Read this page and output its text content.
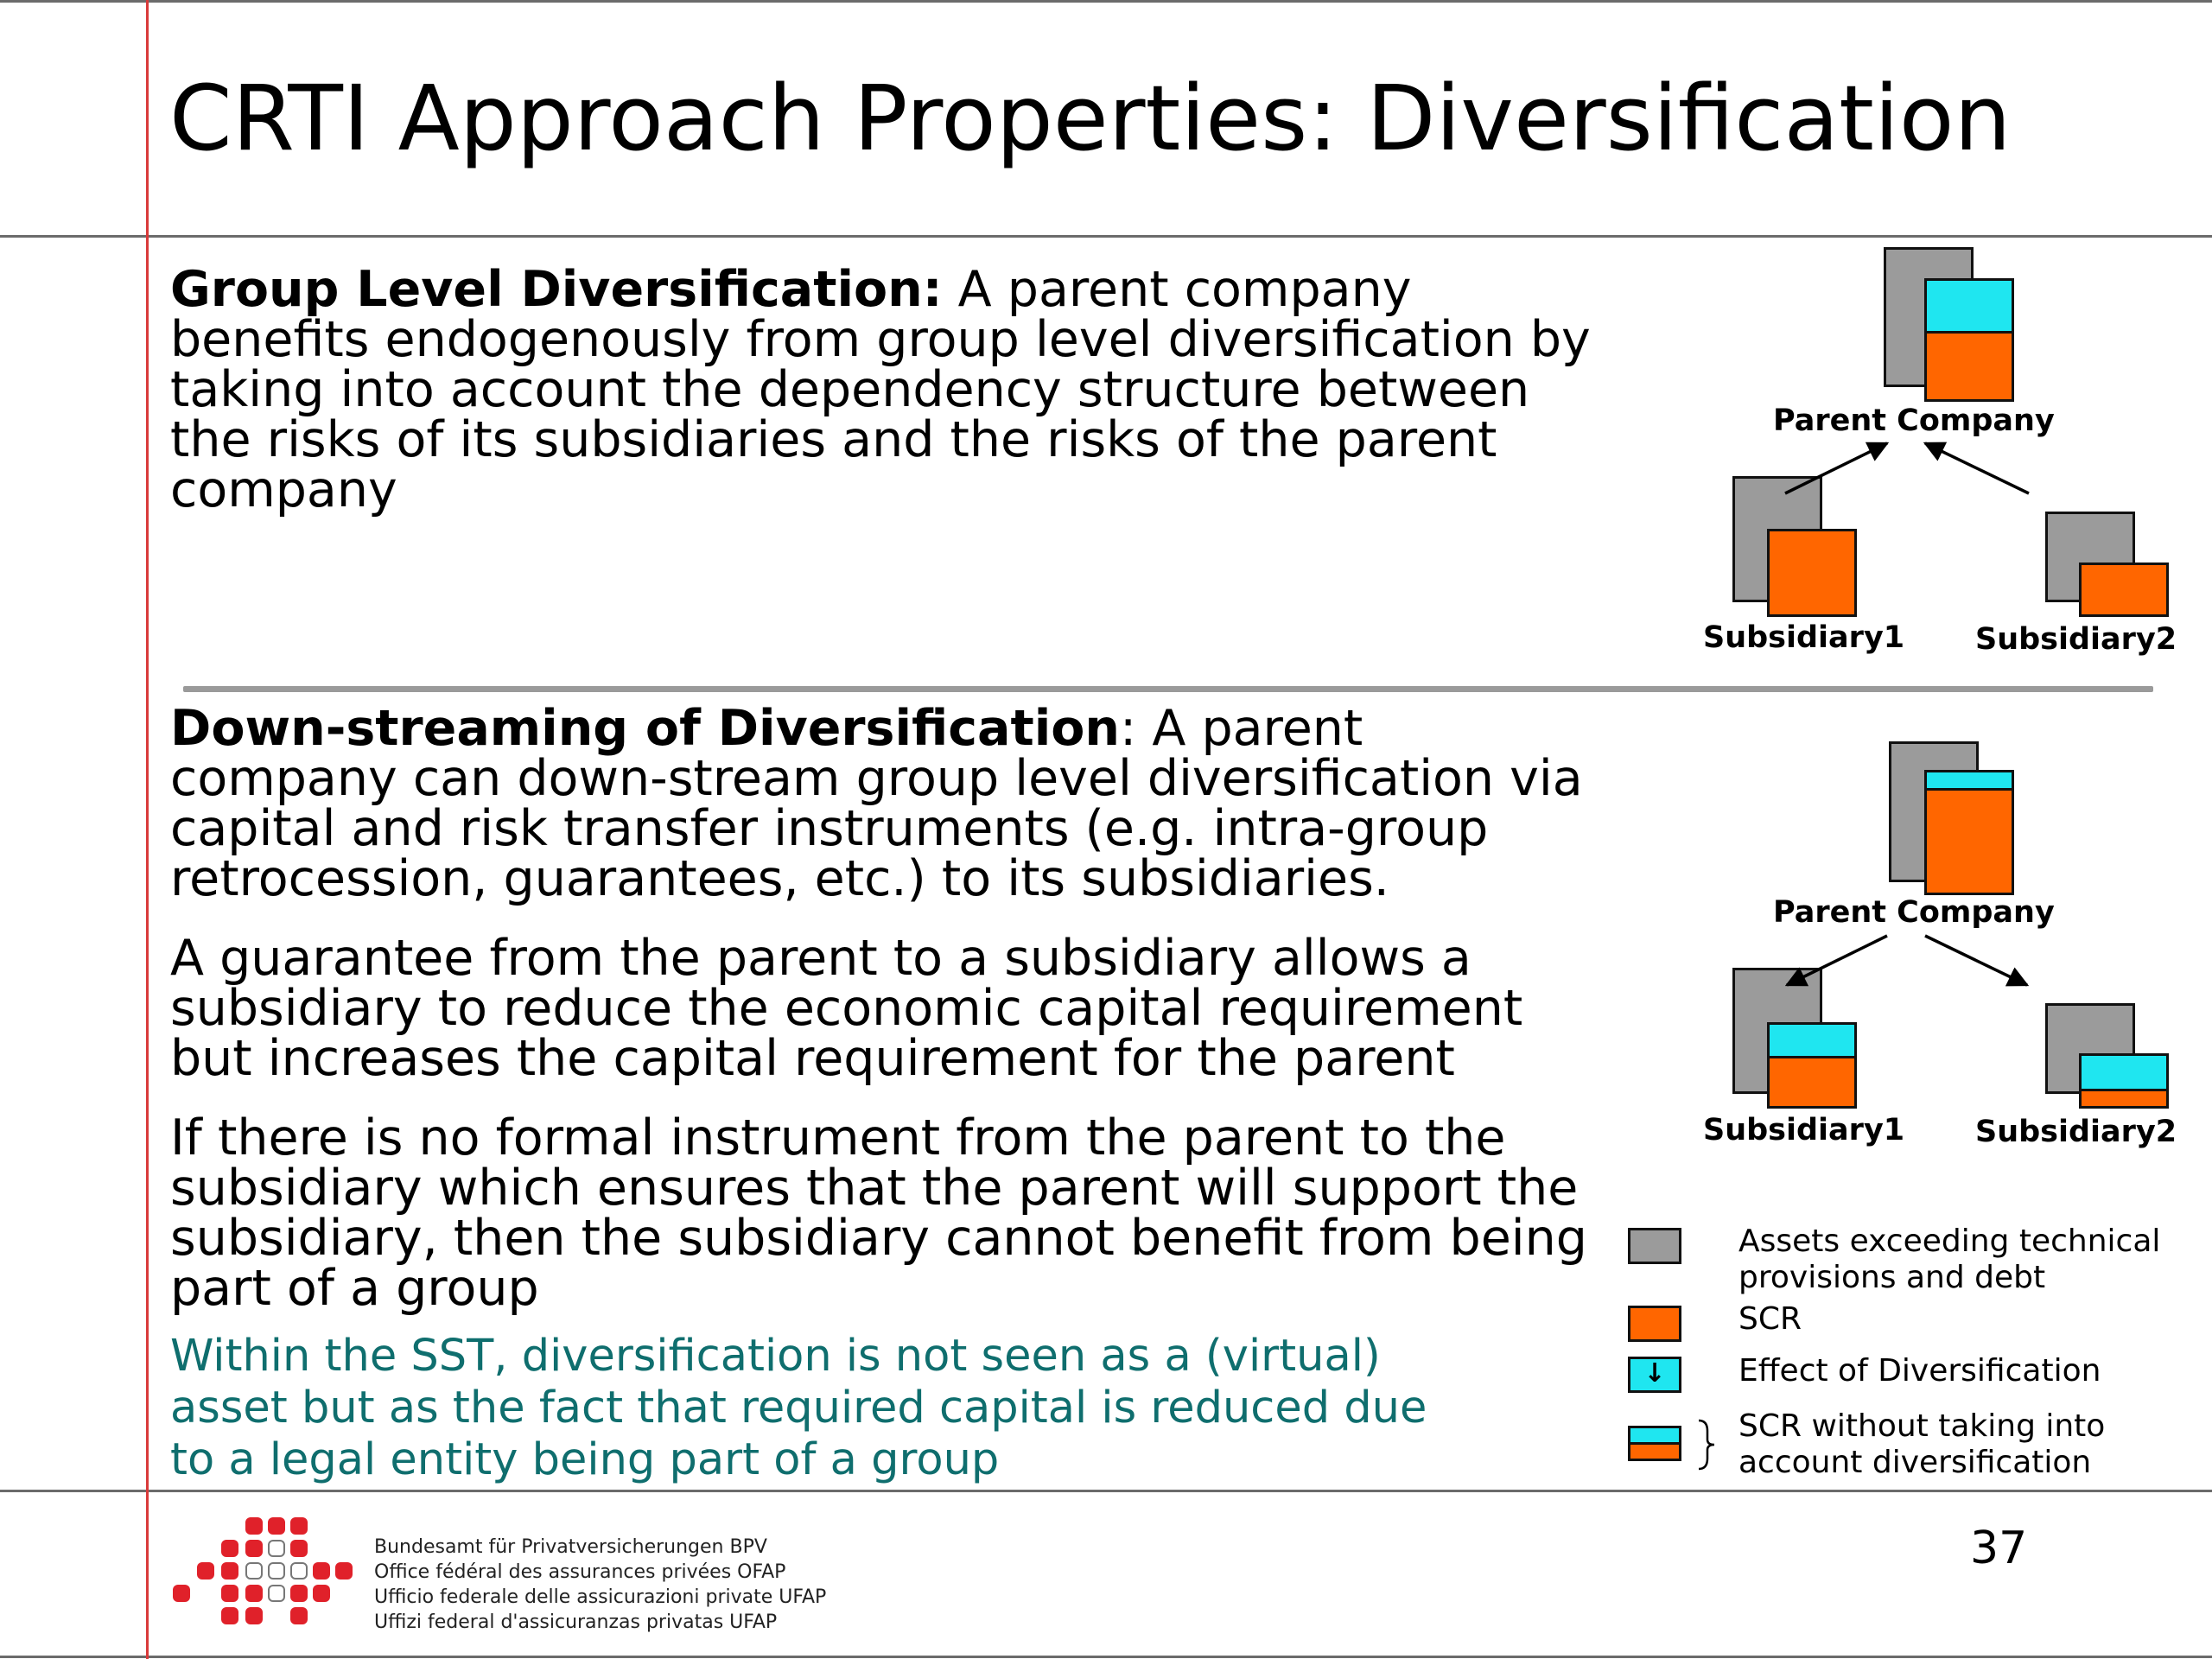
CRTI Approach Properties: Diversification

Group Level Diversification: A parent company benefits endogenously from group level diversification by taking into account the dependency structure between the risks of its subsidiaries and the risks of the parent company

Down-streaming of Diversification: A parent company can down-stream group level diversification via capital and risk transfer instruments (e.g. intra-group retrocession, guarantees, etc.) to its subsidiaries.

A guarantee from the parent to a subsidiary allows a subsidiary to reduce the economic capital requirement but increases the capital requirement for the parent

If there is no formal instrument from the parent to the subsidiary which ensures that the parent will support the subsidiary, then the subsidiary cannot benefit from being part of a group

Within the SST, diversification is not seen as a (virtual) asset but as the fact that required capital is reduced due to a legal entity being part of a group

Parent Company
Subsidiary1 Subsidiary2
Parent Company
Subsidiary1 Subsidiary2
Assets exceeding technical provisions and debt
SCR
↓	Effect of Diversification
SCR without taking into account diversification
Bundesamt für Privatversicherungen BPV
Office fédéral des assurances privées OFAP
Ufficio federale delle assicurazioni private UFAP
Uffizi federal d'assicuranzas privatas UFAP
37
